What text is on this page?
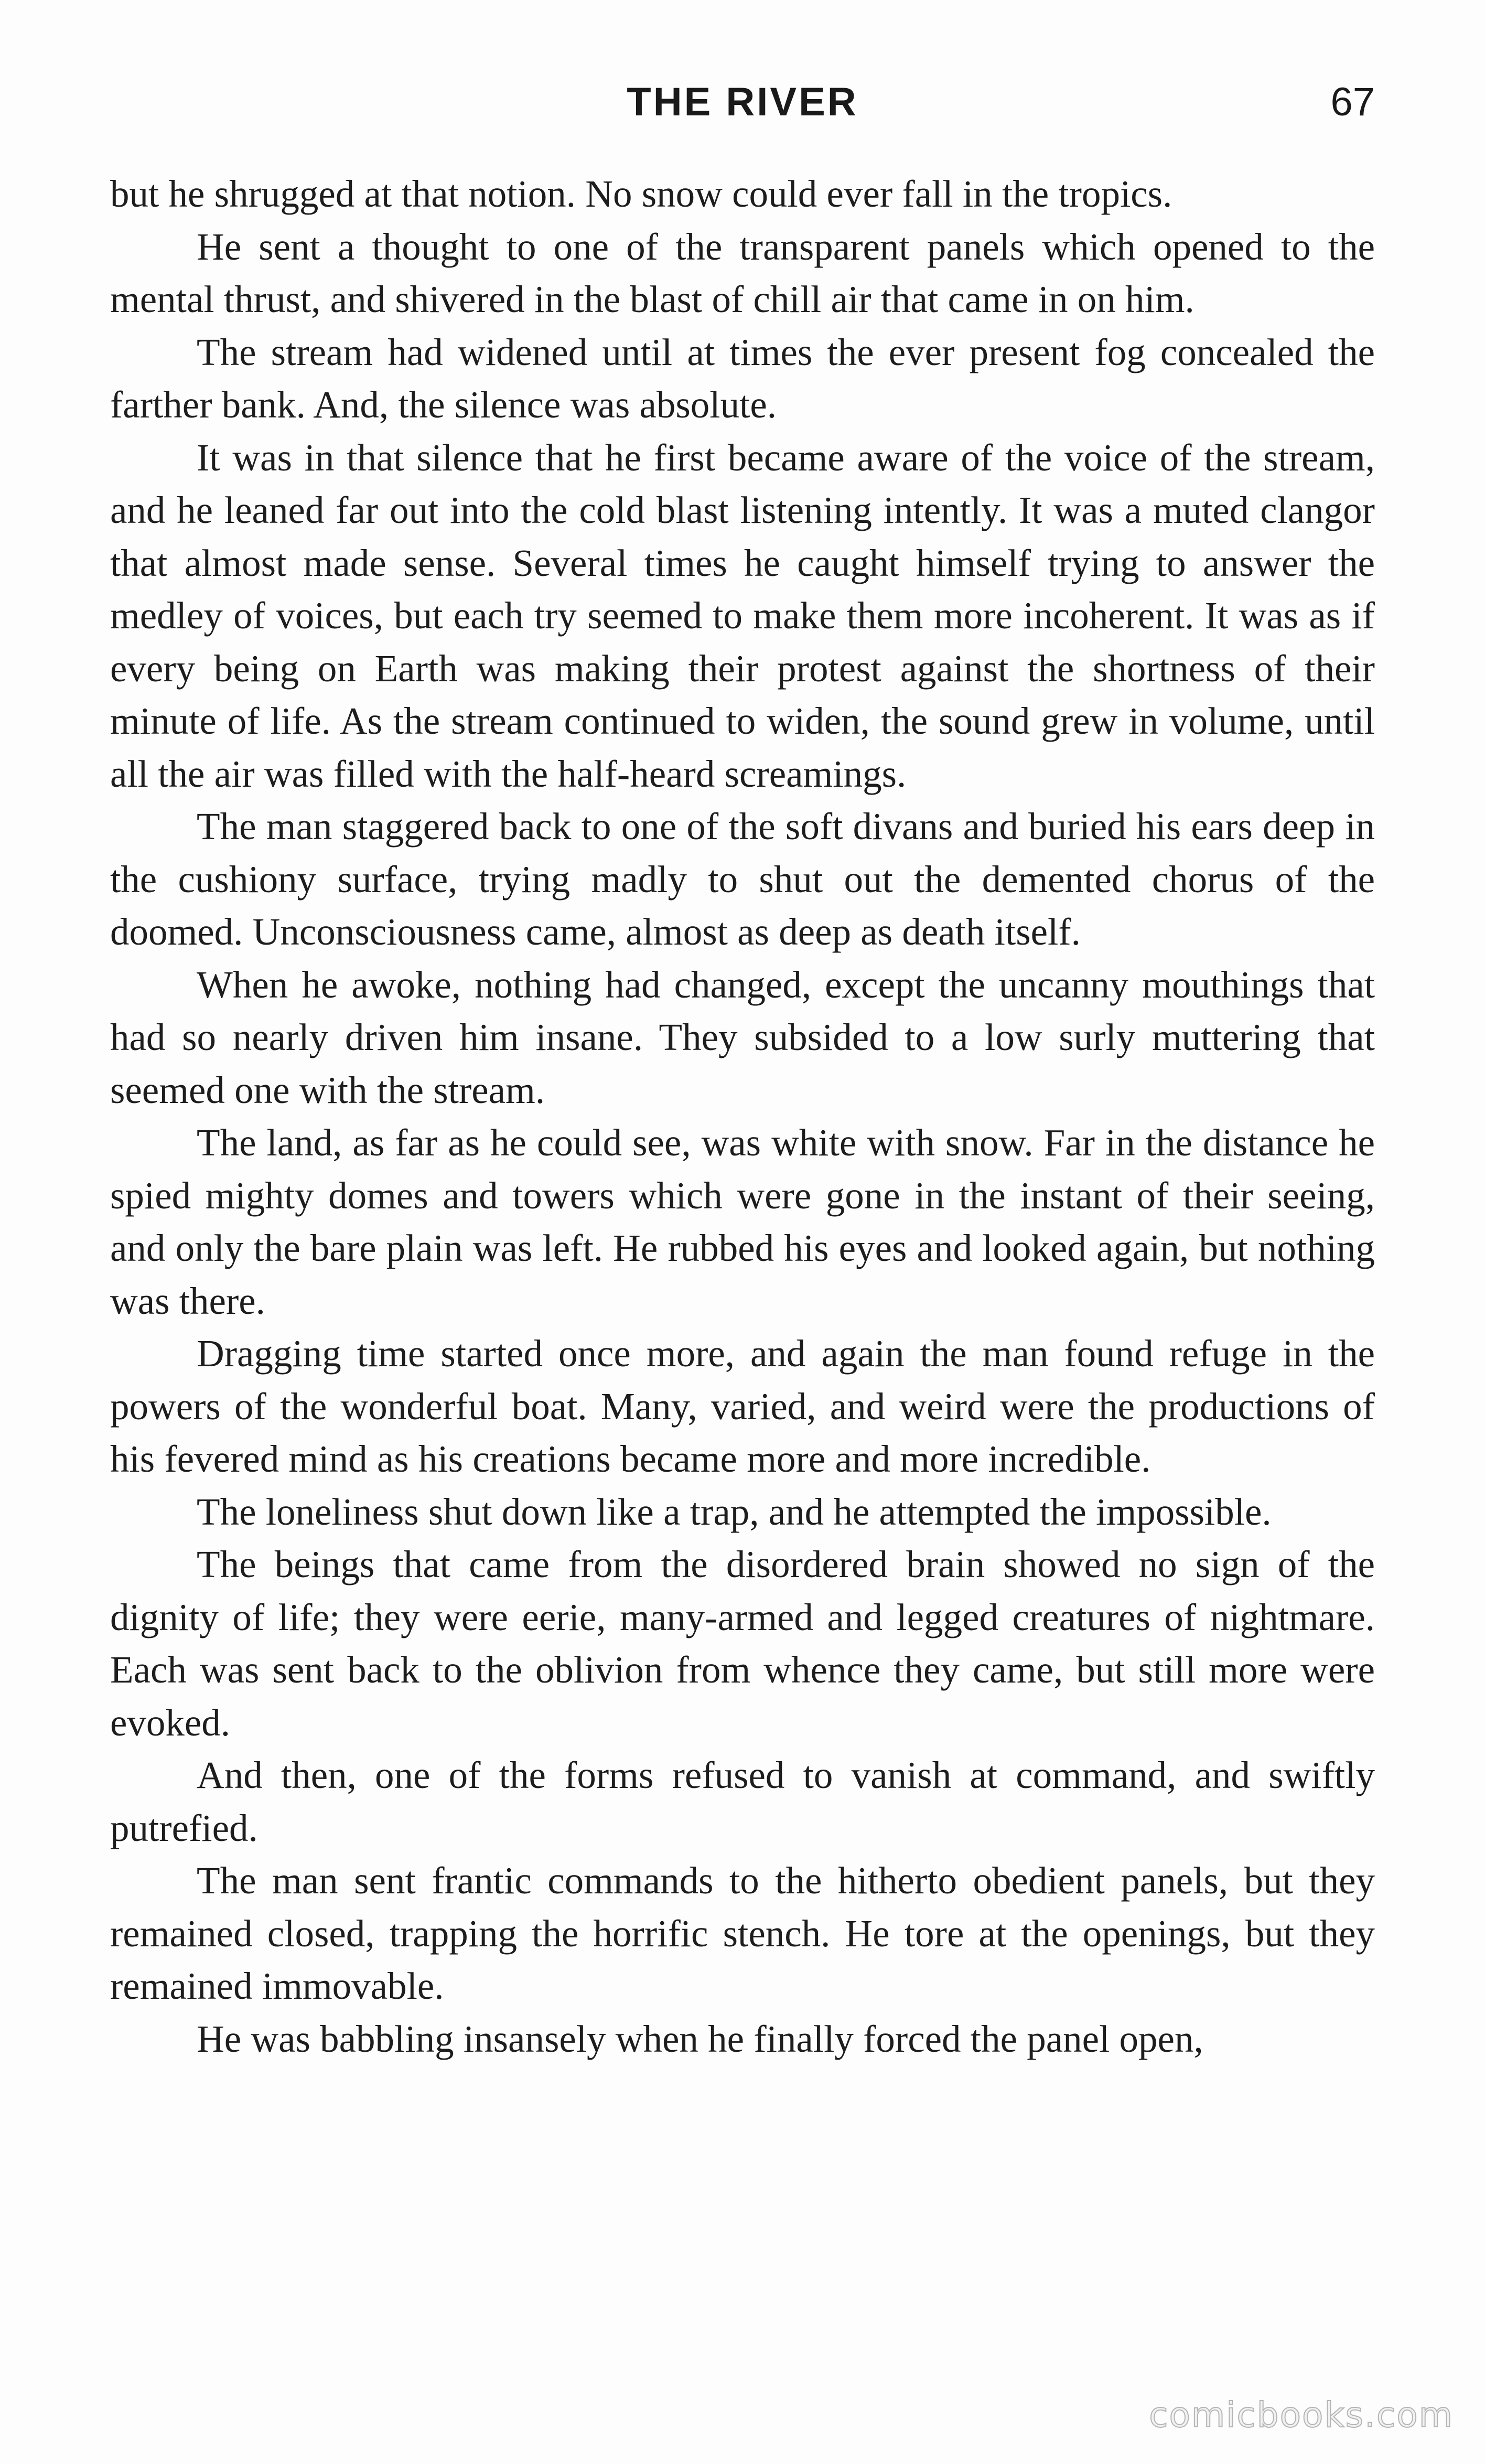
THE RIVER	67

but he shrugged at that notion. No snow could ever fall in the tropics.

He sent a thought to one of the transparent panels which opened to the mental thrust, and shivered in the blast of chill air that came in on him.

The stream had widened until at times the ever present fog concealed the farther bank. And, the silence was absolute.

It was in that silence that he first became aware of the voice of the stream, and he leaned far out into the cold blast listening intently. It was a muted clangor that almost made sense. Several times he caught himself trying to answer the medley of voices, but each try seemed to make them more incoherent. It was as if every being on Earth was making their protest against the shortness of their minute of life. As the stream continued to widen, the sound grew in volume, until all the air was filled with the half-heard screamings.

The man staggered back to one of the soft divans and buried his ears deep in the cushiony surface, trying madly to shut out the demented chorus of the doomed. Unconsciousness came, almost as deep as death itself.

When he awoke, nothing had changed, except the uncanny mouthings that had so nearly driven him insane. They subsided to a low surly muttering that seemed one with the stream.

The land, as far as he could see, was white with snow. Far in the distance he spied mighty domes and towers which were gone in the instant of their seeing, and only the bare plain was left. He rubbed his eyes and looked again, but nothing was there.

Dragging time started once more, and again the man found refuge in the powers of the wonderful boat. Many, varied, and weird were the productions of his fevered mind as his creations became more and more incredible.

The loneliness shut down like a trap, and he attempted the impossible.

The beings that came from the disordered brain showed no sign of the dignity of life; they were eerie, many-armed and legged creatures of nightmare. Each was sent back to the oblivion from whence they came, but still more were evoked.

And then, one of the forms refused to vanish at command, and swiftly putrefied.

The man sent frantic commands to the hitherto obedient panels, but they remained closed, trapping the horrific stench. He tore at the openings, but they remained immovable.

He was babbling insansely when he finally forced the panel open,

comicbooks.com
